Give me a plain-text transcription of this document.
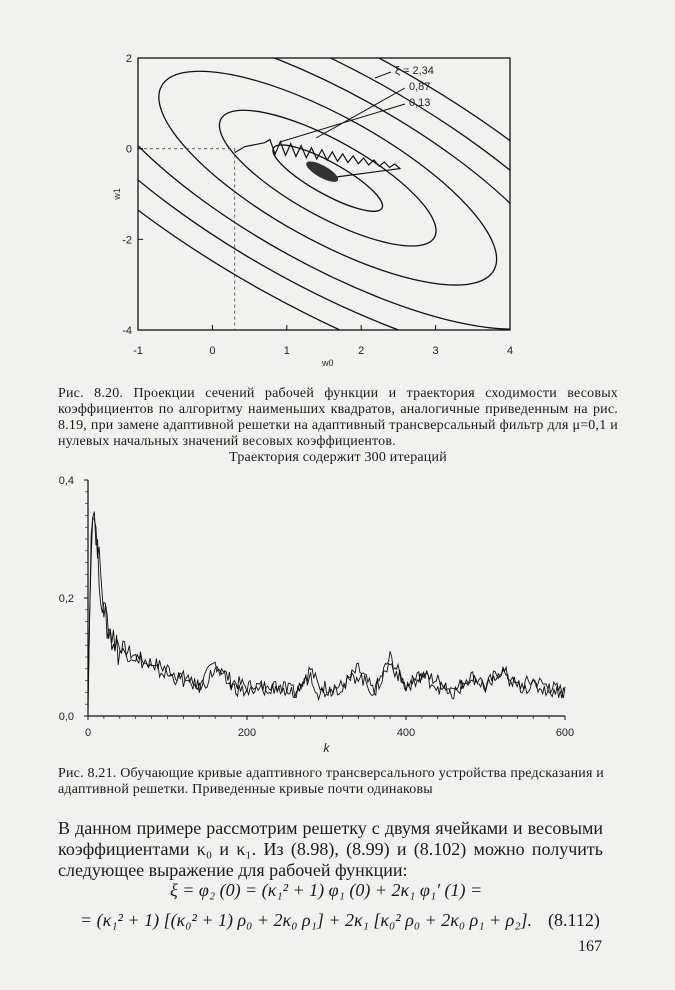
-1	0	1	2	3	4
2
0
-2
-4
w0
w1
ξ = 2,34
0,87
0,13
Рис. 8.20. Проекции сечений рабочей функции и траектория сходимости весовых коэффициентов по алгоритму наименьших квадратов, аналогичные приведенным на рис. 8.19, при замене адаптивной решетки на адаптивный трансверсальный фильтр для μ=0,1 и нулевых начальных значений весовых коэффициентов.
Траектория содержит 300 итераций
0	200	400	600
0,4
0,2
0,0
k
Рис. 8.21. Обучающие кривые адаптивного трансверсального устройства предсказания и адаптивной решетки. Приведенные кривые почти одинаковы
В данном примере рассмотрим решетку с двумя ячейками и весовыми коэффициентами κ₀ и κ₁. Из (8.98), (8.99) и (8.102) можно получить следующее выражение для рабочей функции:
ξ = φ₂ (0) = (κ₁² + 1) φ₁ (0) + 2κ₁ φ₁′ (1) =
= (κ₁² + 1) [(κ₀² + 1) ρ₀ + 2κ₀ ρ₁] + 2κ₁ [κ₀² ρ₀ + 2κ₀ ρ₁ + ρ₂]. (8.112)
167
